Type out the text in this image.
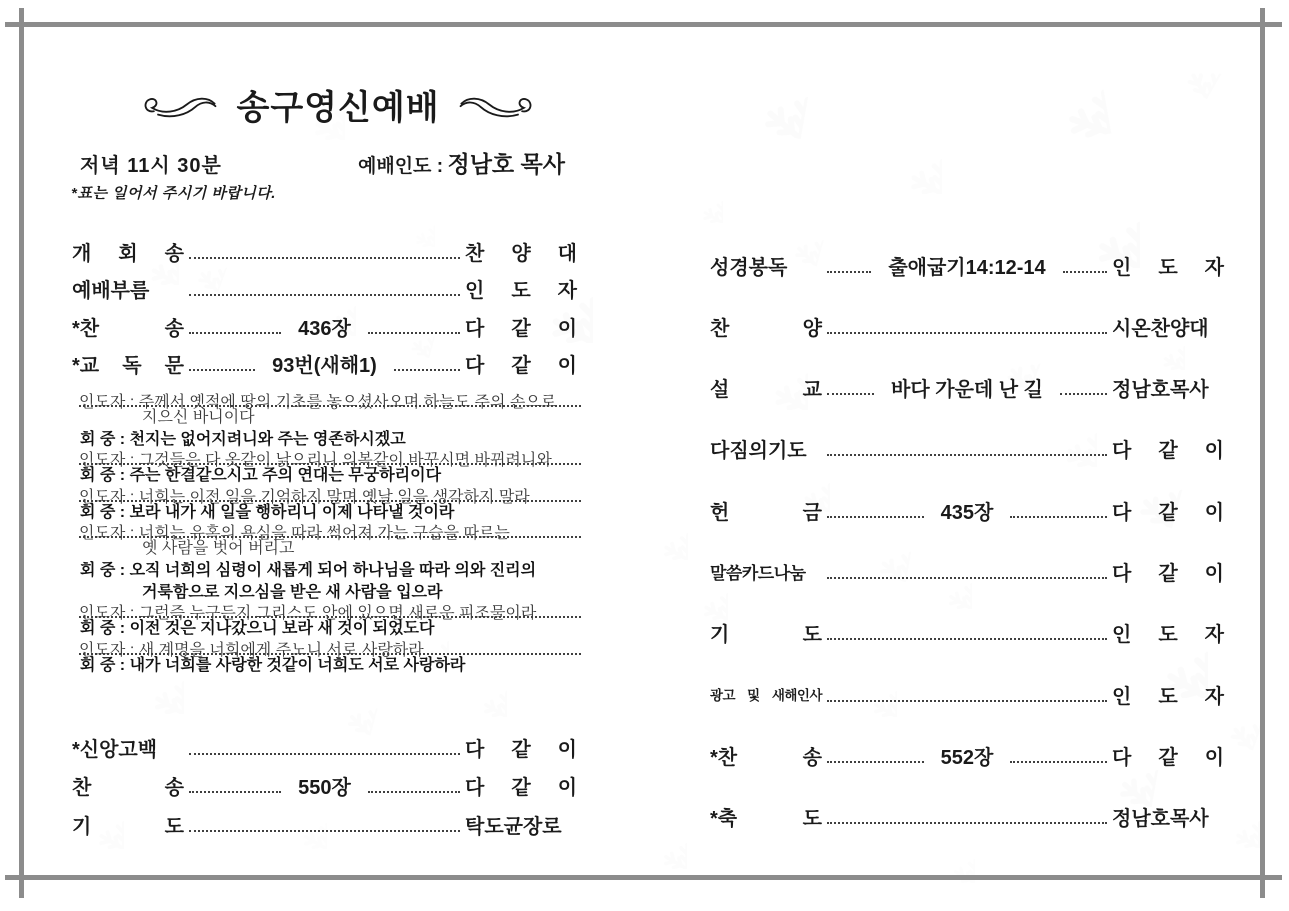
송구영신예배
저녁 11시 30분	예배인도 : 정남호 목사
*표는 일어서 주시기 바랍니다.
개 회 송	찬 양 대
예배부름	인 도 자
*찬 송	436장	다 같 이
*교 독 문	93번(새해1)	다 같 이
인도자 : 주께서 옛적에 땅의 기초를 놓으셨사오며 하늘도 주의 손으로
지으신 바니이다
회 중 : 천지는 없어지려니와 주는 영존하시겠고
인도자 : 그것들은 다 옷같이 낡으리니 의복같이 바꾸시면 바뀌려니와
회 중 : 주는 한결같으시고 주의 연대는 무궁하리이다
인도자 : 너희는 이전 일을 기억하지 말며 옛날 일을 생각하지 말라
회 중 : 보라 내가 새 일을 행하리니 이제 나타낼 것이라
인도자 : 너희는 유혹의 욕심을 따라 썩어져 가는 구습을 따르는
옛 사람을 벗어 버리고
회 중 : 오직 너희의 심령이 새롭게 되어 하나님을 따라 의와 진리의
거룩함으로 지으심을 받은 새 사람을 입으라
인도자 : 그런즉 누구든지 그리스도 안에 있으면 새로운 피조물이라
회 중 : 이전 것은 지나갔으니 보라 새 것이 되었도다
인도자 : 새 계명을 너희에게 주노니 서로 사랑하라
회 중 : 내가 너희를 사랑한 것같이 너희도 서로 사랑하라
*신앙고백	다 같 이
찬 송	550장	다 같 이
기 도	탁도균장로
성경봉독	출애굽기14:12-14	인 도 자
찬 양	시온찬양대
설 교	바다 가운데 난 길	정남호목사
다짐의기도	다 같 이
헌 금	435장	다 같 이
말씀카드나눔	다 같 이
기 도	인 도 자
광고 및 새해인사	인 도 자
*찬 송	552장	다 같 이
*축 도	정남호목사
